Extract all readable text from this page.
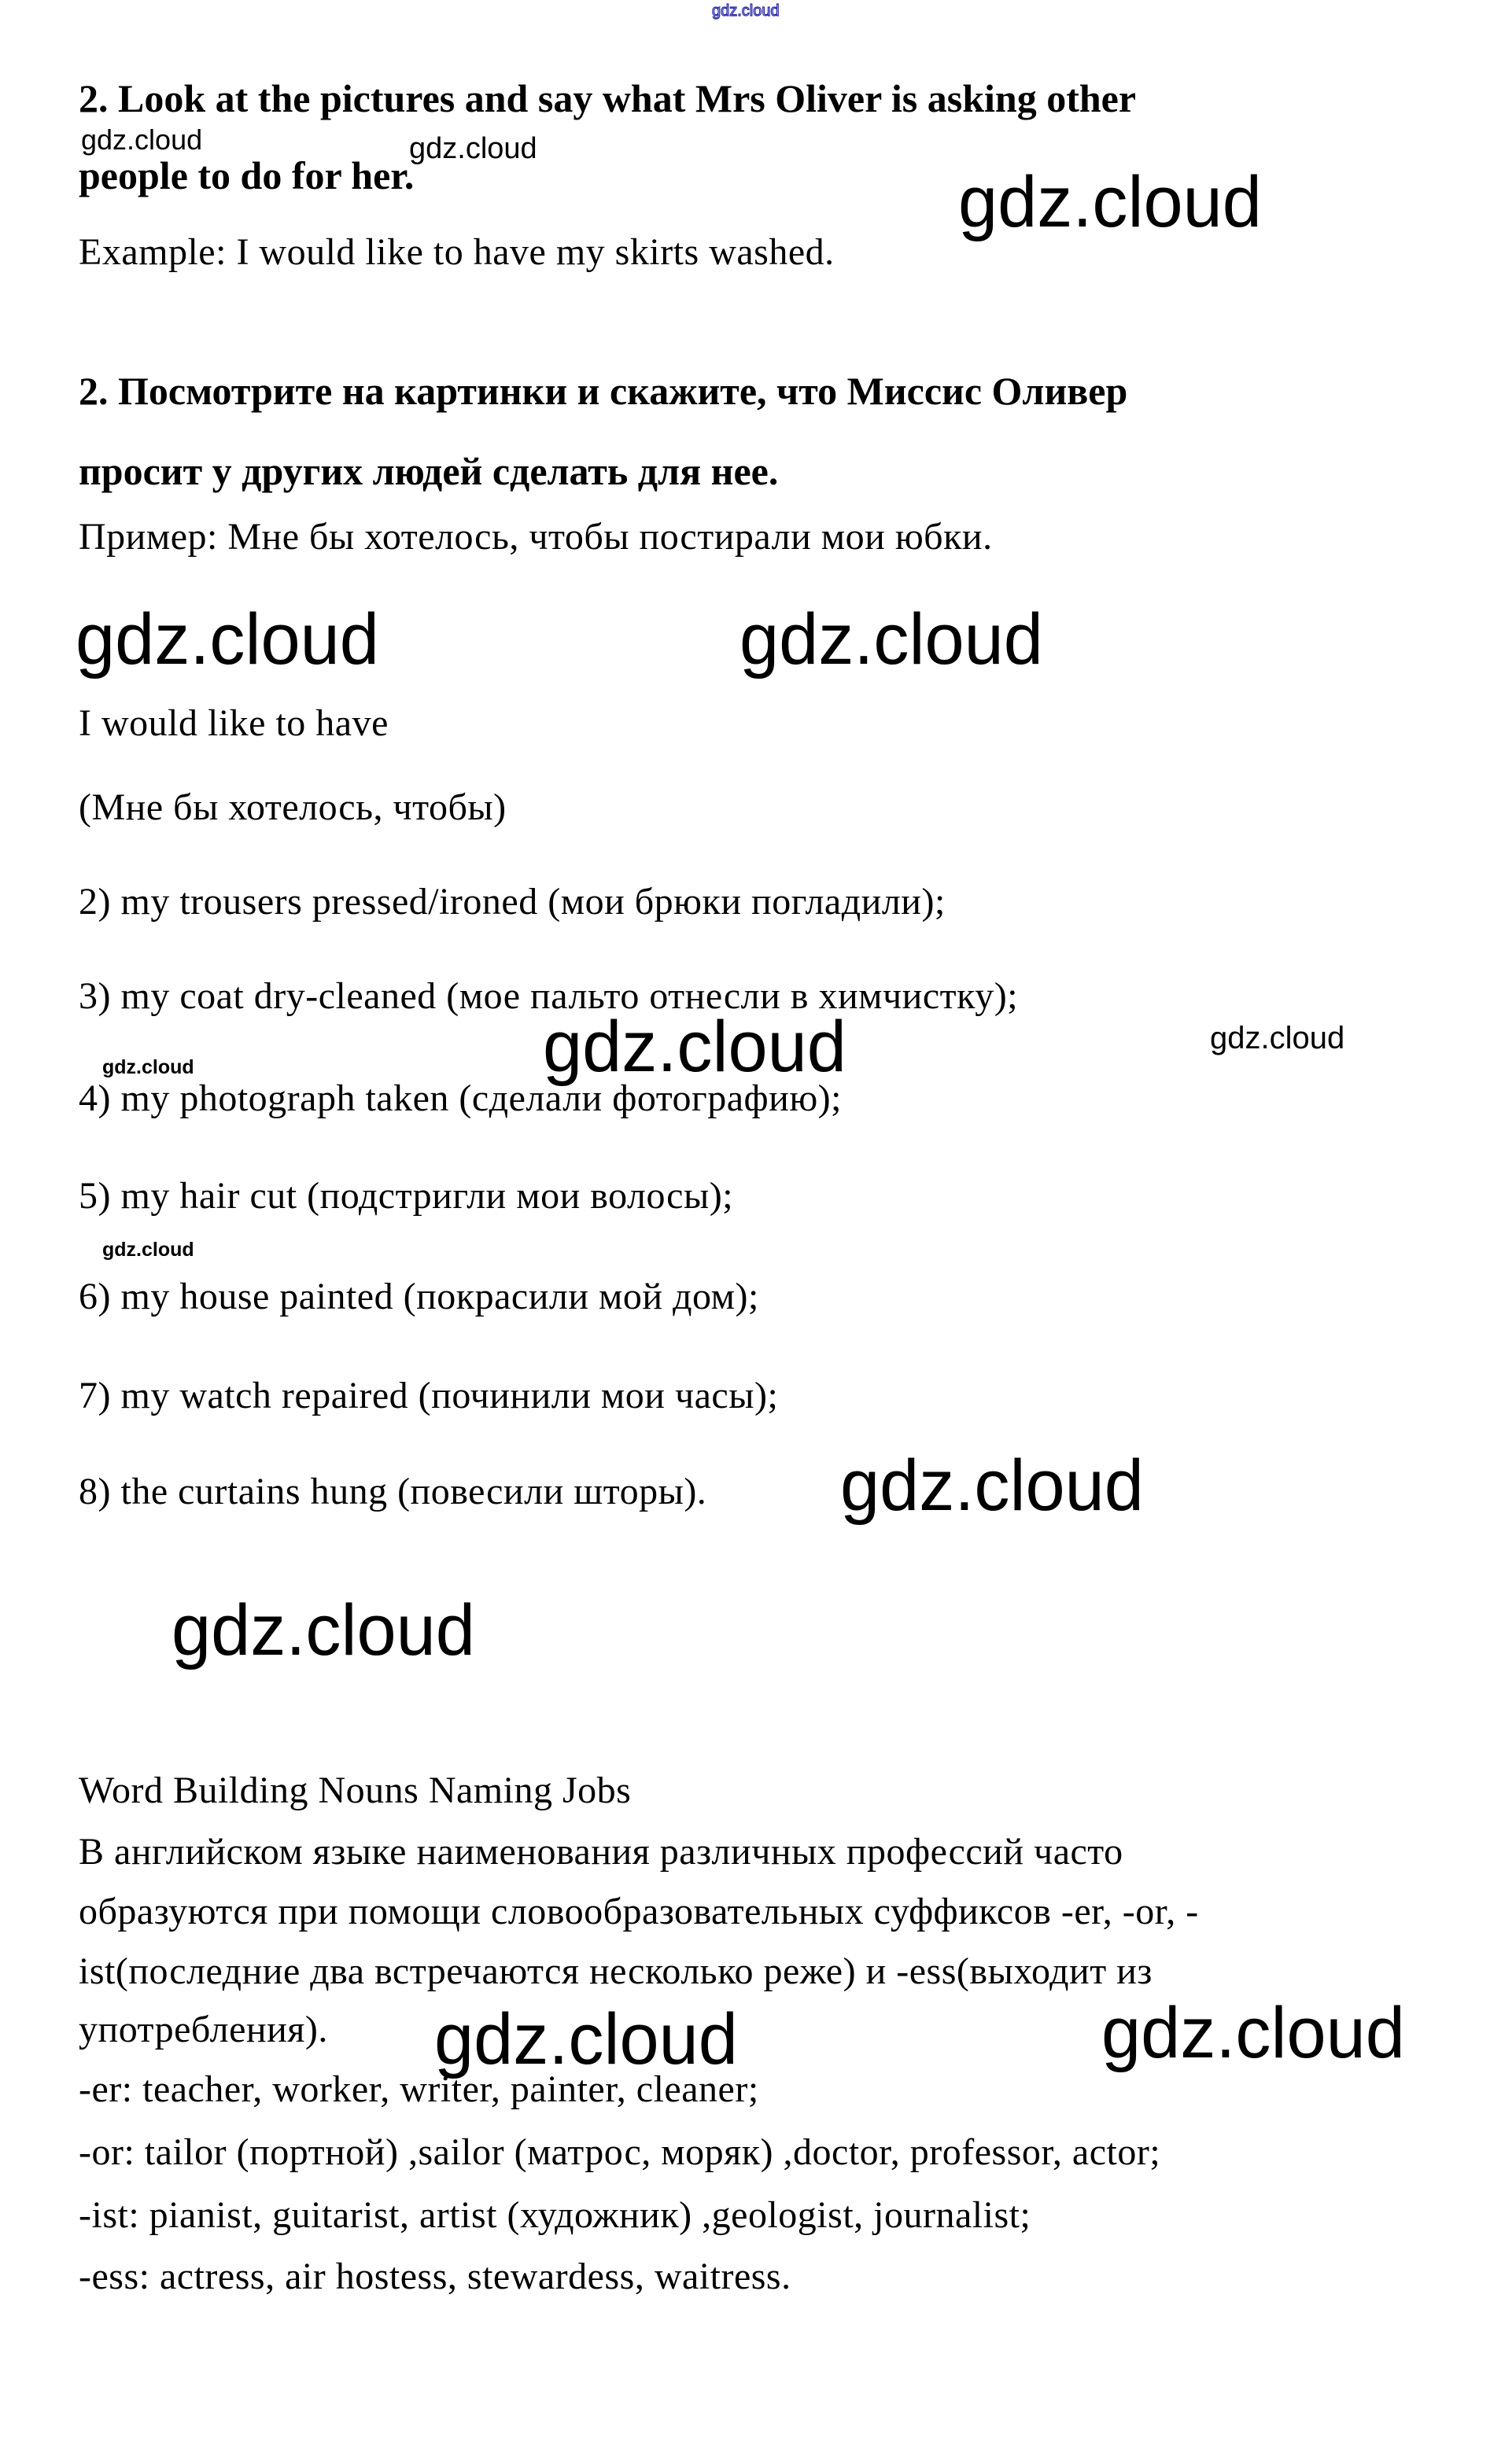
gdz.cloud
2. Look at the pictures and say what Mrs Oliver is asking other
gdz.cloud	gdz.cloud
people to do for her.
Example: I would like to have my skirts washed.
gdz.cloud
2. Посмотрите на картинки и скажите, что Миссис Оливер
просит у других людей сделать для нее.
Пример: Мне бы хотелось, чтобы постирали мои юбки.
gdz.cloud	gdz.cloud
I would like to have
(Мне бы хотелось, чтобы)
2) my trousers pressed/ironed (мои брюки погладили);
3) my coat dry-cleaned (мое пальто отнесли в химчистку);
gdz.cloud	gdz.cloud
gdz.cloud
4) my photograph taken (сделали фотографию);
5) my hair cut (подстригли мои волосы);
gdz.cloud
6) my house painted (покрасили мой дом);
7) my watch repaired (починили мои часы);
8) the curtains hung (повесили шторы). gdz.cloud
gdz.cloud
Word Building Nouns Naming Jobs
В английском языке наименования различных профессий часто
образуются при помощи словообразовательных суффиксов -er, -or, -
ist(последние два встречаются несколько реже) и -ess(выходит из
употребления). gdz.cloud	gdz.cloud
-er: teacher, worker, writer, painter, cleaner;
-or: tailor (портной) ,sailor (матрос, моряк) ,doctor, professor, actor;
-ist: pianist, guitarist, artist (художник) ,geologist, journalist;
-ess: actress, air hostess, stewardess, waitress.
